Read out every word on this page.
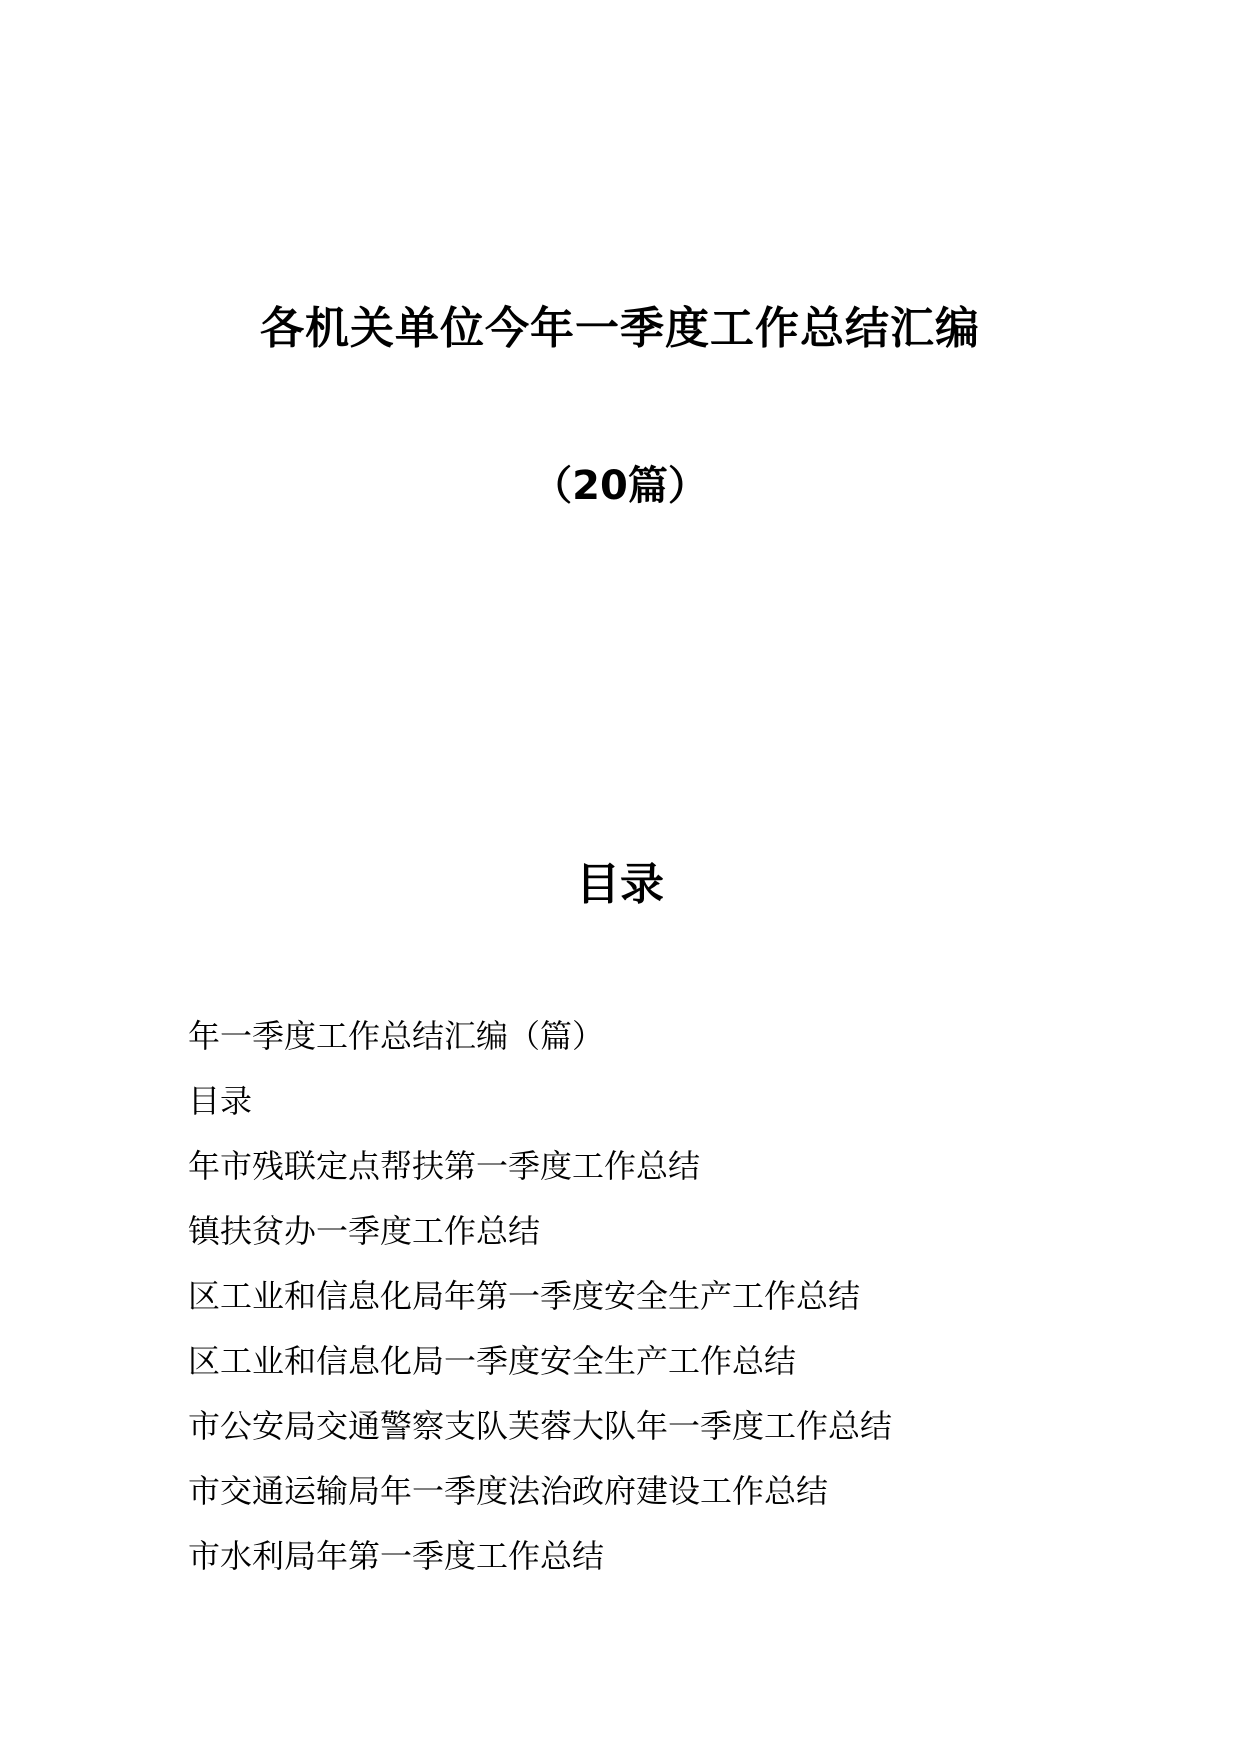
各机关单位今年一季度工作总结汇编
（20篇）
目录
年一季度工作总结汇编（篇）
目录
年市残联定点帮扶第一季度工作总结
镇扶贫办一季度工作总结
区工业和信息化局年第一季度安全生产工作总结
区工业和信息化局一季度安全生产工作总结
市公安局交通警察支队芙蓉大队年一季度工作总结
市交通运输局年一季度法治政府建设工作总结
市水利局年第一季度工作总结
